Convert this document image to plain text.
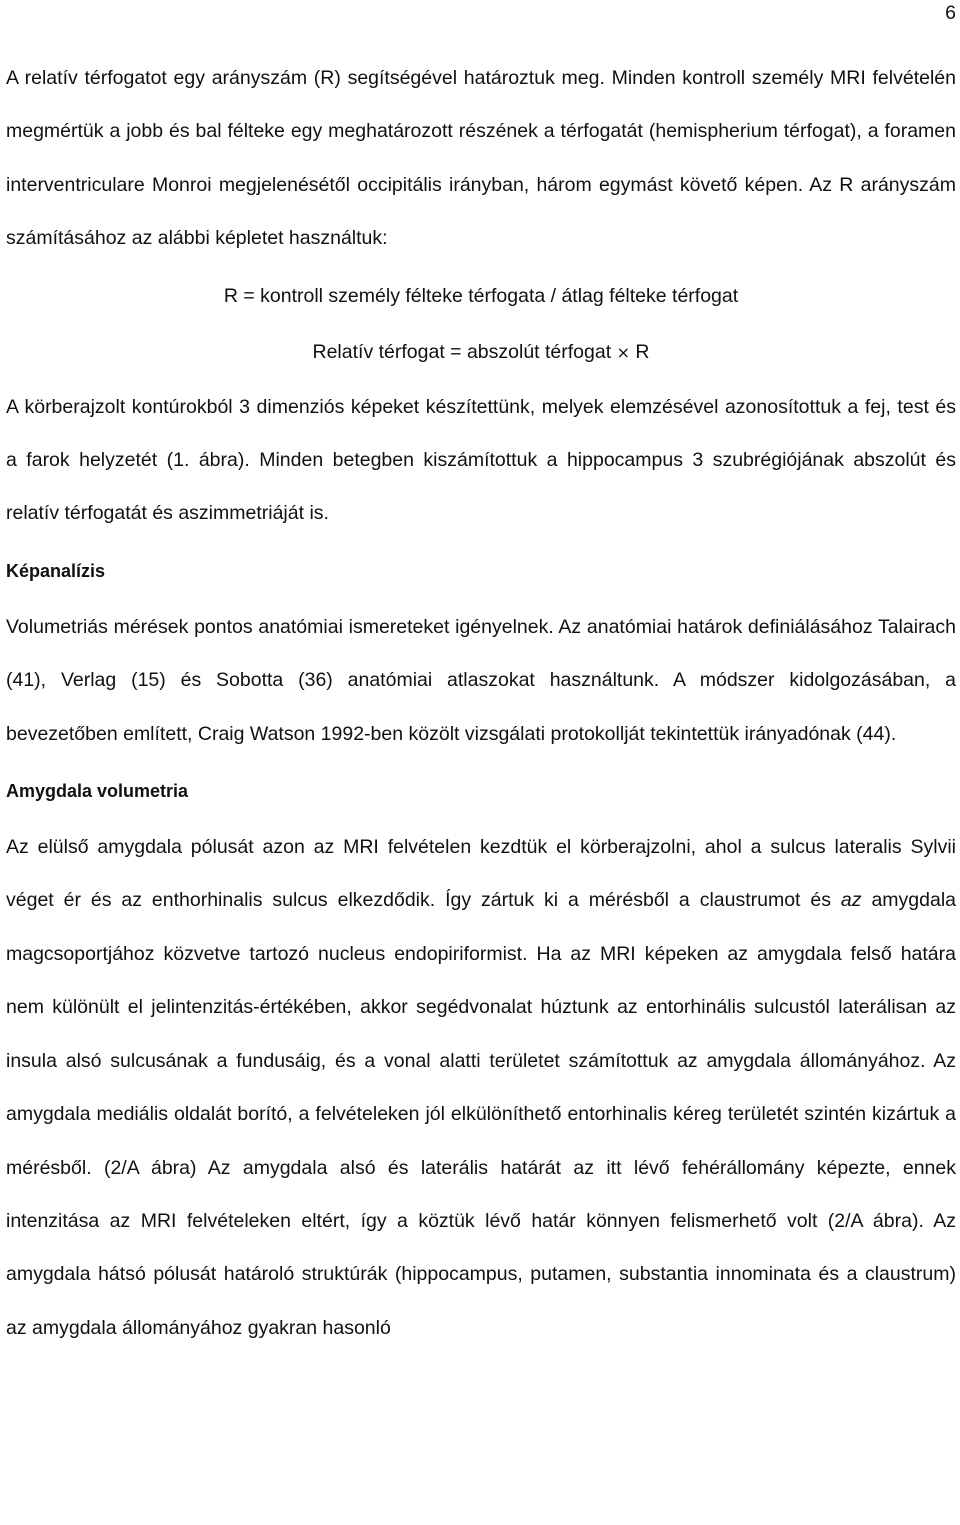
6

A relatív térfogatot egy arányszám (R) segítségével határoztuk meg. Minden kontroll személy MRI felvételén megmértük a jobb és bal félteke egy meghatározott részének a térfogatát (hemispherium térfogat), a foramen interventriculare Monroi megjelenésétől occipitális irányban, három egymást követő képen. Az R arányszám számításához az alábbi képletet használtuk:

R = kontroll személy félteke térfogata / átlag félteke térfogat
Relatív térfogat = abszolút térfogat × R

A körberajzolt kontúrokból 3 dimenziós képeket készítettünk, melyek elemzésével azonosítottuk a fej, test és a farok helyzetét (1. ábra). Minden betegben kiszámítottuk a hippocampus 3 szubrégiójának abszolút és relatív térfogatát és aszimmetriáját is.

Képanalízis

Volumetriás mérések pontos anatómiai ismereteket igényelnek. Az anatómiai határok definiálásához Talairach (41), Verlag (15) és Sobotta (36) anatómiai atlaszokat használtunk. A módszer kidolgozásában, a bevezetőben említett, Craig Watson 1992-ben közölt vizsgálati protokollját tekintettük irányadónak (44).

Amygdala volumetria

Az elülső amygdala pólusát azon az MRI felvételen kezdtük el körberajzolni, ahol a sulcus lateralis Sylvii véget ér és az enthorhinalis sulcus elkezdődik. Így zártuk ki a mérésből a claustrumot és az amygdala magcsoportjához közvetve tartozó nucleus endopiriformist. Ha az MRI képeken az amygdala felső határa nem különült el jelintenzitás-értékében, akkor segédvonalat húztunk az entorhinális sulcustól laterálisan az insula alsó sulcusának a fundusáig, és a vonal alatti területet számítottuk az amygdala állományához. Az amygdala mediális oldalát borító, a felvételeken jól elkülöníthető entorhinalis kéreg területét szintén kizártuk a mérésből. (2/A ábra) Az amygdala alsó és laterális határát az itt lévő fehérállomány képezte, ennek intenzitása az MRI felvételeken eltért, így a köztük lévő határ könnyen felismerhető volt (2/A ábra). Az amygdala hátsó pólusát határoló struktúrák (hippocampus, putamen, substantia innominata és a claustrum) az amygdala állományához gyakran hasonló
